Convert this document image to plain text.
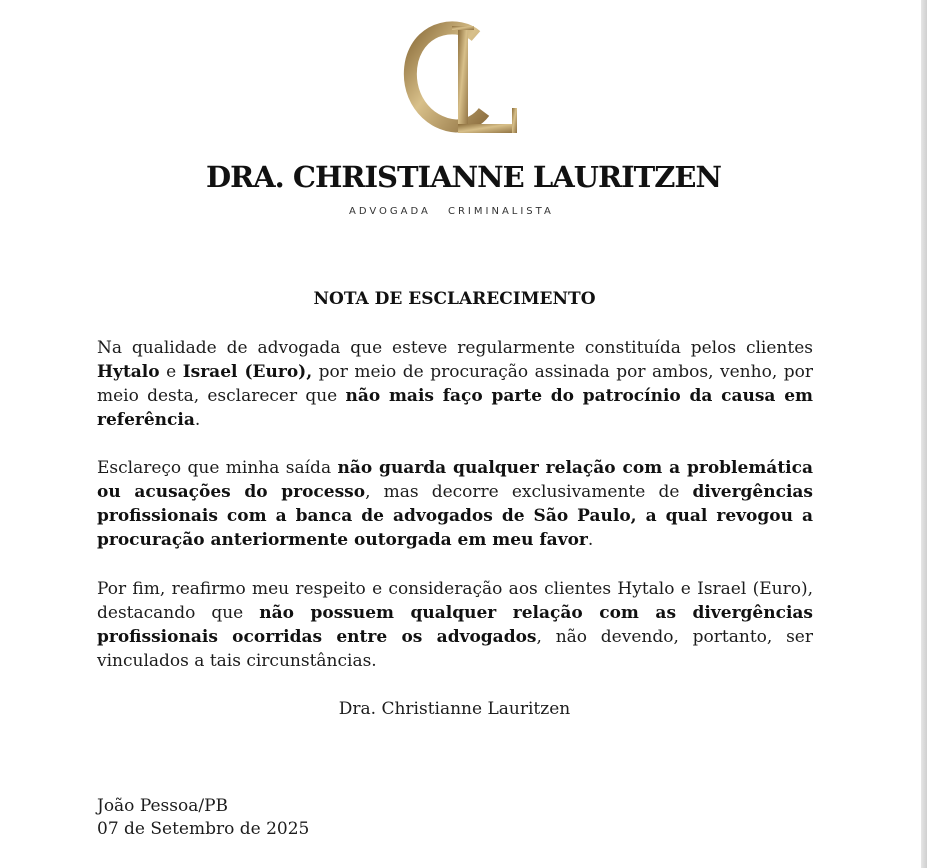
DRA. CHRISTIANNE LAURITZEN
ADVOGADA CRIMINALISTA
NOTA DE ESCLARECIMENTO
Na qualidade de advogada que esteve regularmente constituída pelos clientes Hytalo e Israel (Euro), por meio de procuração assinada por ambos, venho, por meio desta, esclarecer que não mais faço parte do patrocínio da causa em referência.
Esclareço que minha saída não guarda qualquer relação com a problemática ou acusações do processo, mas decorre exclusivamente de divergências profissionais com a banca de advogados de São Paulo, a qual revogou a procuração anteriormente outorgada em meu favor.
Por fim, reafirmo meu respeito e consideração aos clientes Hytalo e Israel (Euro), destacando que não possuem qualquer relação com as divergências profissionais ocorridas entre os advogados, não devendo, portanto, ser vinculados a tais circunstâncias.
Dra. Christianne Lauritzen
João Pessoa/PB
07 de Setembro de 2025
